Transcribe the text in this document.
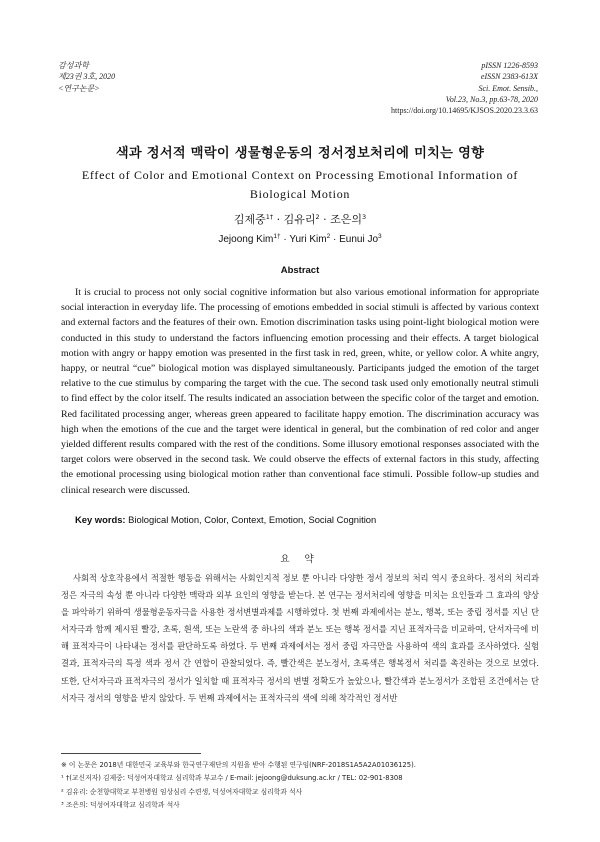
감성과학
제23권 3호, 2020
<연구논문>
pISSN 1226-8593
eISSN 2383-613X
Sci. Emot. Sensib.,
Vol.23, No.3, pp.63-78, 2020
https://doi.org/10.14695/KJSOS.2020.23.3.63
색과 정서적 맥락이 생물형운동의 정서정보처리에 미치는 영향
Effect of Color and Emotional Context on Processing Emotional Information of Biological Motion
김제중$^{1\dagger}$ · 김유리$^2$ · 조은의$^3$
Jejoong Kim$^{1\dagger}$ · Yuri Kim$^2$ · Eunui Jo$^3$
Abstract

It is crucial to process not only social cognitive information but also various emotional information for appropriate social interaction in everyday life. The processing of emotions embedded in social stimuli is affected by various context and external factors and the features of their own. Emotion discrimination tasks using point-light biological motion were conducted in this study to understand the factors influencing emotion processing and their effects. A target biological motion with angry or happy emotion was presented in the first task in red, green, white, or yellow color. A white angry, happy, or neutral “cue” biological motion was displayed simultaneously. Participants judged the emotion of the target relative to the cue stimulus by comparing the target with the cue. The second task used only emotionally neutral stimuli to find effect by the color itself. The results indicated an association between the specific color of the target and emotion. Red facilitated processing anger, whereas green appeared to facilitate happy emotion. The discrimination accuracy was high when the emotions of the cue and the target were identical in general, but the combination of red color and anger yielded different results compared with the rest of the conditions. Some illusory emotional responses associated with the target colors were observed in the second task. We could observe the effects of external factors in this study, affecting the emotional processing using biological motion rather than conventional face stimuli. Possible follow-up studies and clinical research were discussed.

Key words: Biological Motion, Color, Context, Emotion, Social Cognition
요 약

사회적 상호작용에서 적절한 행동을 위해서는 사회인지적 정보 뿐 아니라 다양한 정서 정보의 처리 역시 중요하다. 정서의 처리과정은 자극의 속성 뿐 아니라 다양한 맥락과 외부 요인의 영향을 받는다. 본 연구는 정서처리에 영향을 미치는 요인들과 그 효과의 양상을 파악하기 위하여 생물형운동자극을 사용한 정서변별과제를 시행하였다. 첫 번째 과제에서는 분노, 행복, 또는 중립 정서를 지닌 단서자극과 함께 제시된 빨강, 초록, 흰색, 또는 노란색 중 하나의 색과 분노 또는 행복 정서를 지닌 표적자극을 비교하여, 단서자극에 비해 표적자극이 나타내는 정서를 판단하도록 하였다. 두 번째 과제에서는 정서 중립 자극만을 사용하여 색의 효과를 조사하였다. 실험 결과, 표적자극의 특정 색과 정서 간 연합이 관찰되었다. 즉, 빨간색은 분노정서, 초록색은 행복정서 처리를 촉진하는 것으로 보였다. 또한, 단서자극과 표적자극의 정서가 일치할 때 표적자극 정서의 변별 정확도가 높았으나, 빨간색과 분노정서가 조합된 조건에서는 단서자극 정서의 영향을 받지 않았다. 두 번째 과제에서는 표적자극의 색에 의해 착각적인 정서반

※ 이 논문은 2018년 대한민국 교육부와 한국연구재단의 지원을 받아 수행된 연구임(NRF-2018S1A5A2A01036125).
¹ †(교신저자) 김제중: 덕성여자대학교 심리학과 부교수 / E-mail: jejoong@duksung.ac.kr / TEL: 02-901-8308
² 김유리: 순천향대학교 부천병원 임상심리 수련생, 덕성여자대학교 심리학과 석사
³ 조은의: 덕성여자대학교 심리학과 석사
